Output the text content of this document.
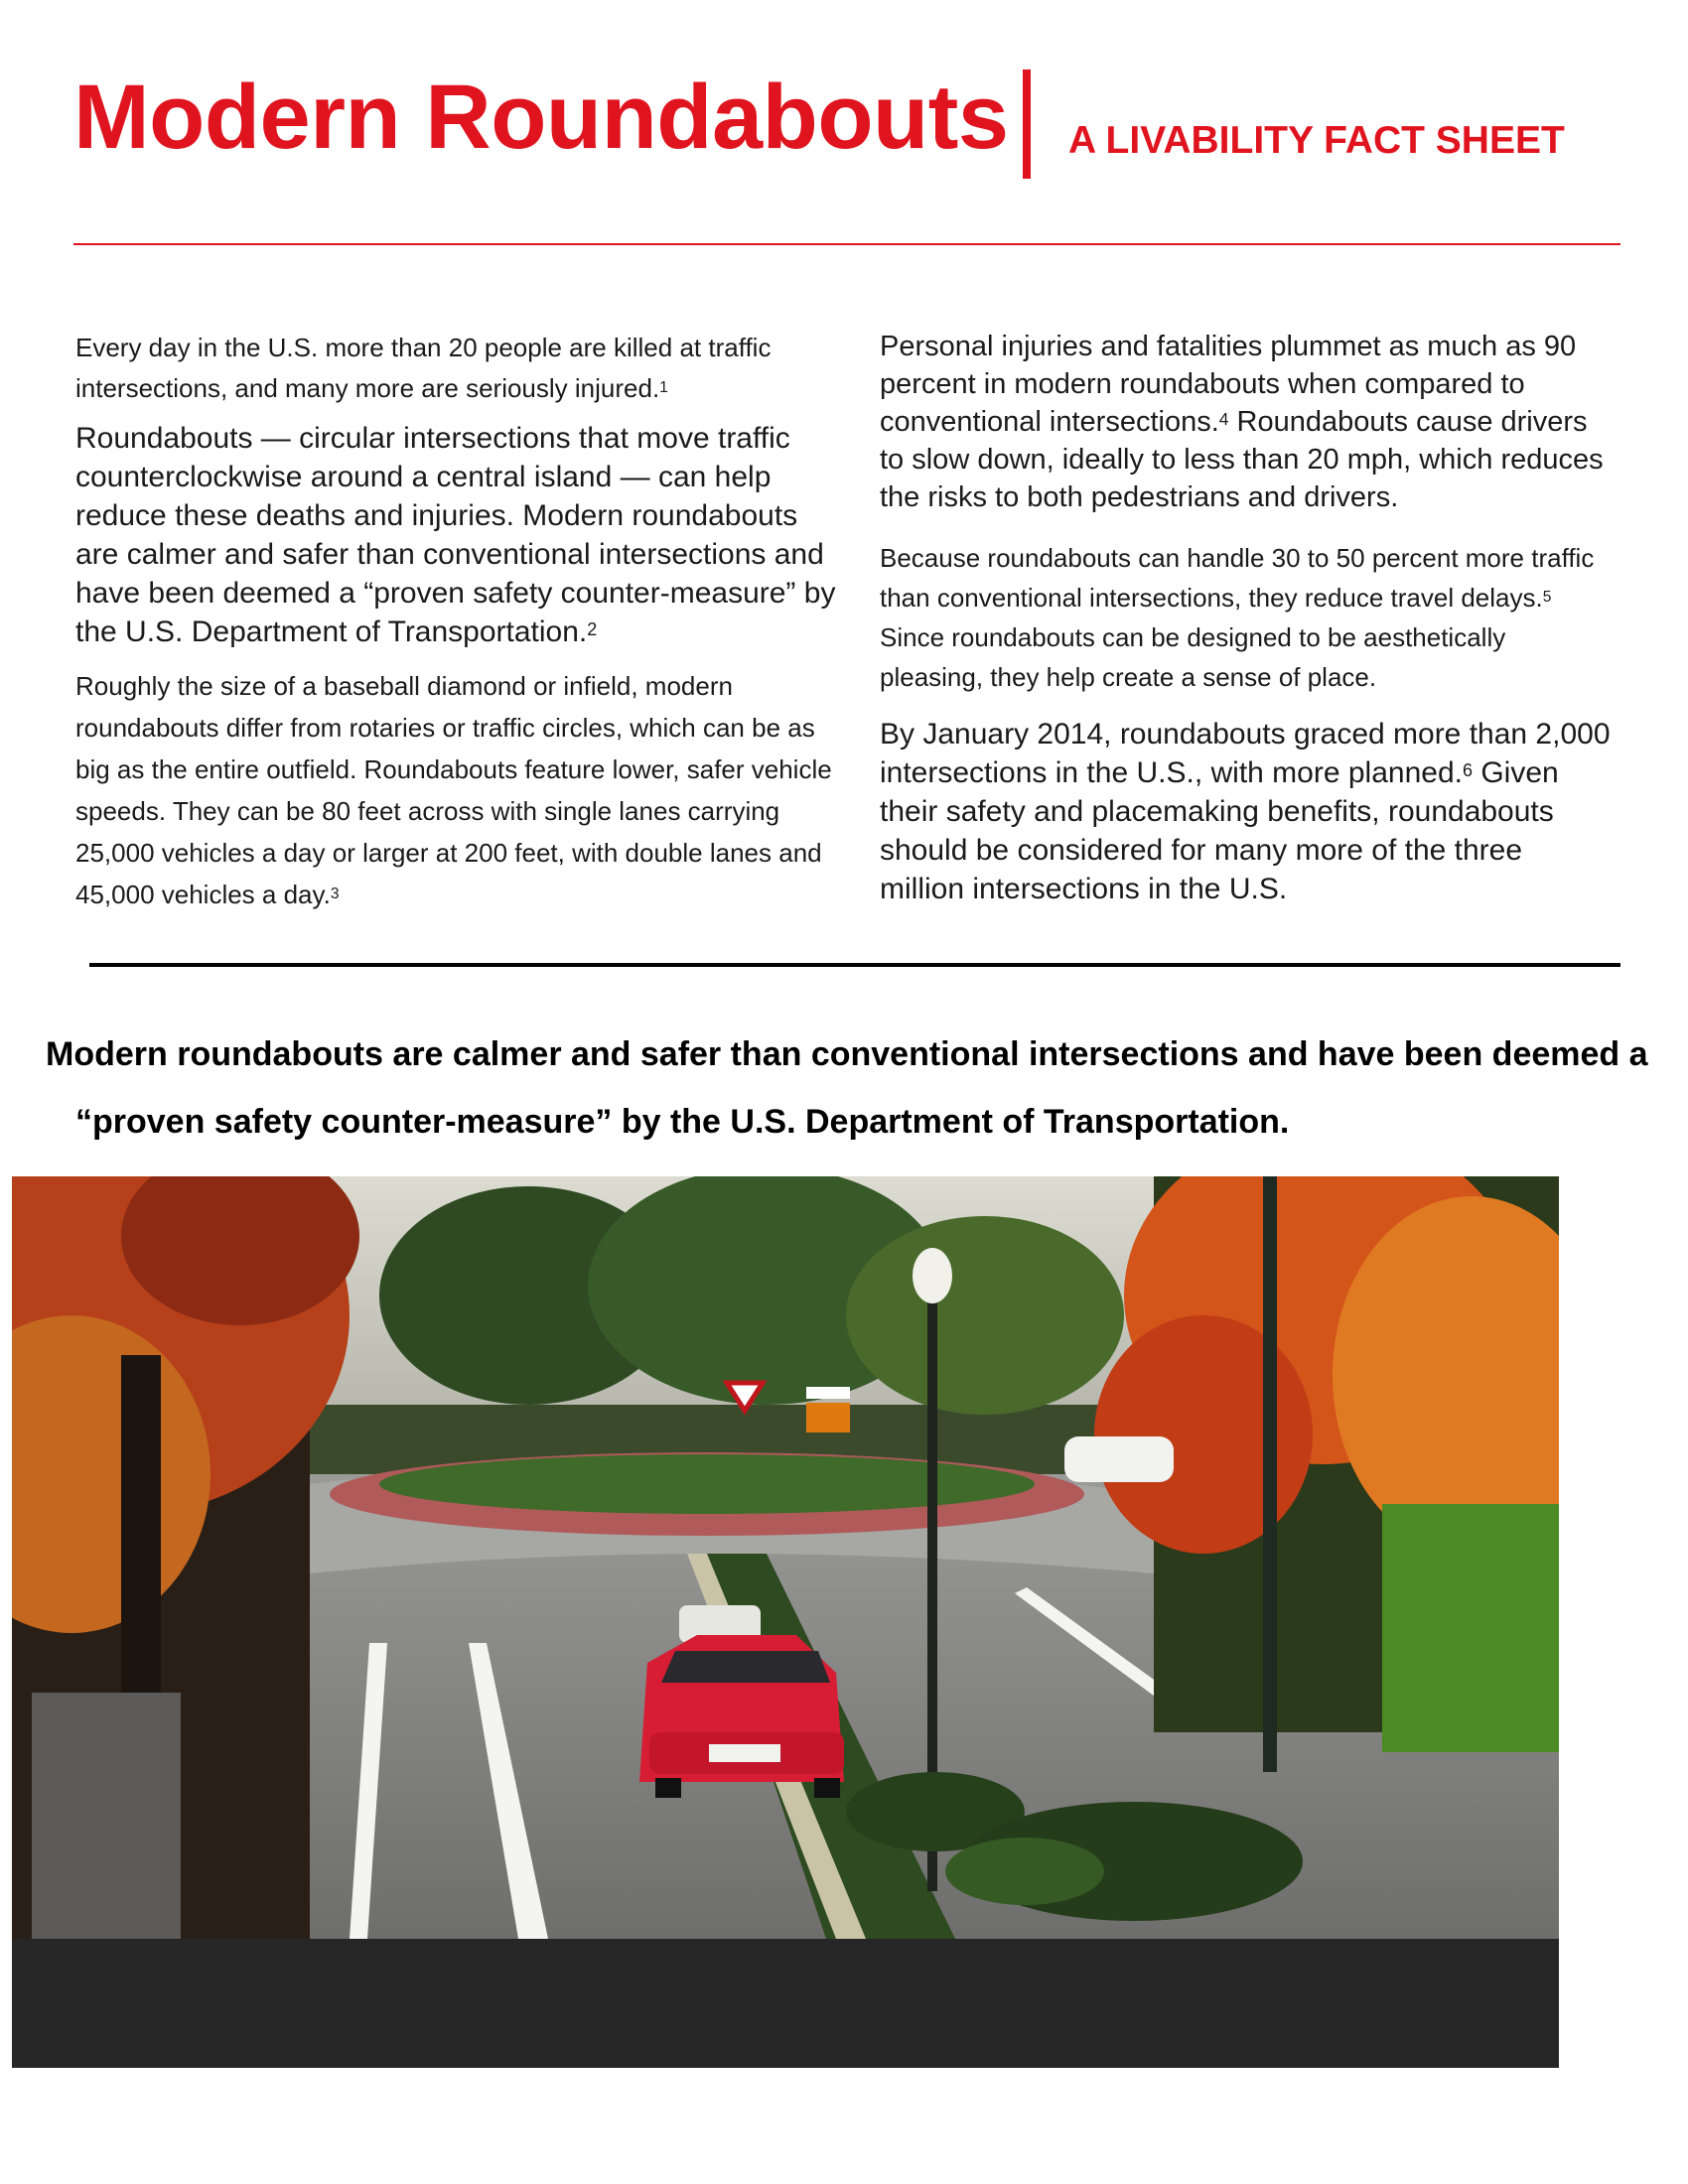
Modern Roundabouts A LIVABILITY FACT SHEET

Every day in the U.S. more than 20 people are killed at traffic intersections, and many more are seriously injured.$^1$

Roundabouts — circular intersections that move traffic counterclockwise around a central island — can help reduce these deaths and injuries. Modern roundabouts are calmer and safer than conventional intersections and have been deemed a “proven safety counter-measure” by the U.S. Department of Transportation.$^2$

Roughly the size of a baseball diamond or infield, modern roundabouts differ from rotaries or traffic circles, which can be as big as the entire outfield. Roundabouts feature lower, safer vehicle speeds. They can be 80 feet across with single lanes carrying 25,000 vehicles a day or larger at 200 feet, with double lanes and 45,000 vehicles a day.$^3$

Personal injuries and fatalities plummet as much as 90 percent in modern roundabouts when compared to conventional intersections.$^4$ Roundabouts cause drivers to slow down, ideally to less than 20 mph, which reduces the risks to both pedestrians and drivers.

Because roundabouts can handle 30 to 50 percent more traffic than conventional intersections, they reduce travel delays.$^5$ Since roundabouts can be designed to be aesthetically pleasing, they help create a sense of place.

By January 2014, roundabouts graced more than 2,000 intersections in the U.S., with more planned.$^6$ Given their safety and placemaking benefits, roundabouts should be considered for many more of the three million intersections in the U.S.

Modern roundabouts are calmer and safer than conventional intersections and have been deemed a “proven safety counter-measure” by the U.S. Department of Transportation.
